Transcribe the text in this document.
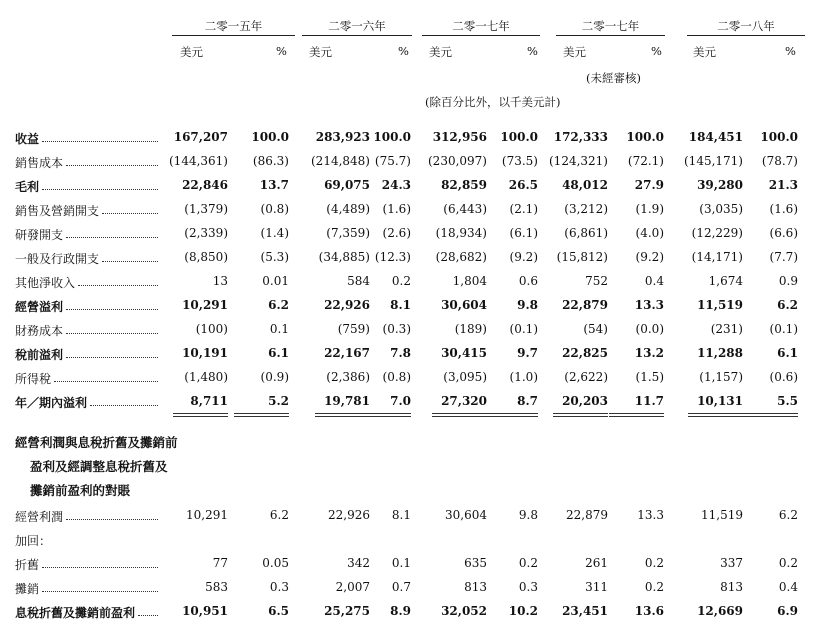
二零一五年
美元	%
二零一六年
美元	%
二零一七年
美元	%
二零一七年
美元	%
二零一八年
美元	%
(未經審核)
(除百分比外，以千美元計)
收益	167,207	100.0	283,923 100.0	312,956	100.0	172,333	100.0	184,451	100.0
銷售成本	(144,361)	(86.3)	(214,848) (75.7)	(230,097)	(73.5) (124,321)	(72.1)	(145,171)	(78.7)
毛利	22,846	13.7	69,075 24.3	82,859	26.5	48,012	27.9	39,280	21.3
銷售及營銷開支	(1,379)	(0.8)	(4,489)	(1.6)	(6,443)	(2.1)	(3,212)	(1.9)	(3,035)	(1.6)
研發開支	(2,339)	(1.4)	(7,359)	(2.6)	(18,934)	(6.1)	(6,861)	(4.0)	(12,229)	(6.6)
一般及行政開支	(8,850)	(5.3)	(34,885) (12.3)	(28,682)	(9.2)	(15,812)	(9.2)	(14,171)	(7.7)
其他淨收入	13	0.01	584	0.2	1,804	0.6	752	0.4	1,674	0.9
經營溢利	10,291	6.2	22,926	8.1	30,604	9.8	22,879	13.3	11,519	6.2
財務成本	(100)	0.1	(759)	(0.3)	(189)	(0.1)	(54)	(0.0)	(231)	(0.1)
稅前溢利	10,191	6.1	22,167	7.8	30,415	9.7	22,825	13.2	11,288	6.1
所得稅	(1,480)	(0.9)	(2,386)	(0.8)	(3,095)	(1.0)	(2,622)	(1.5)	(1,157)	(0.6)
年／期內溢利	8,711	5.2	19,781	7.0	27,320	8.7	20,203	11.7	10,131	5.5
經營利潤與息稅折舊及攤銷前
盈利及經調整息稅折舊及
攤銷前盈利的對賬
經營利潤	10,291	6.2	22,926	8.1	30,604	9.8	22,879	13.3	11,519	6.2
加回：
折舊	77	0.05	342	0.1	635	0.2	261	0.2	337	0.2
攤銷	583	0.3	2,007	0.7	813	0.3	311	0.2	813	0.4
息稅折舊及攤銷前盈利	10,951	6.5	25,275	8.9	32,052	10.2	23,451	13.6	12,669	6.9
